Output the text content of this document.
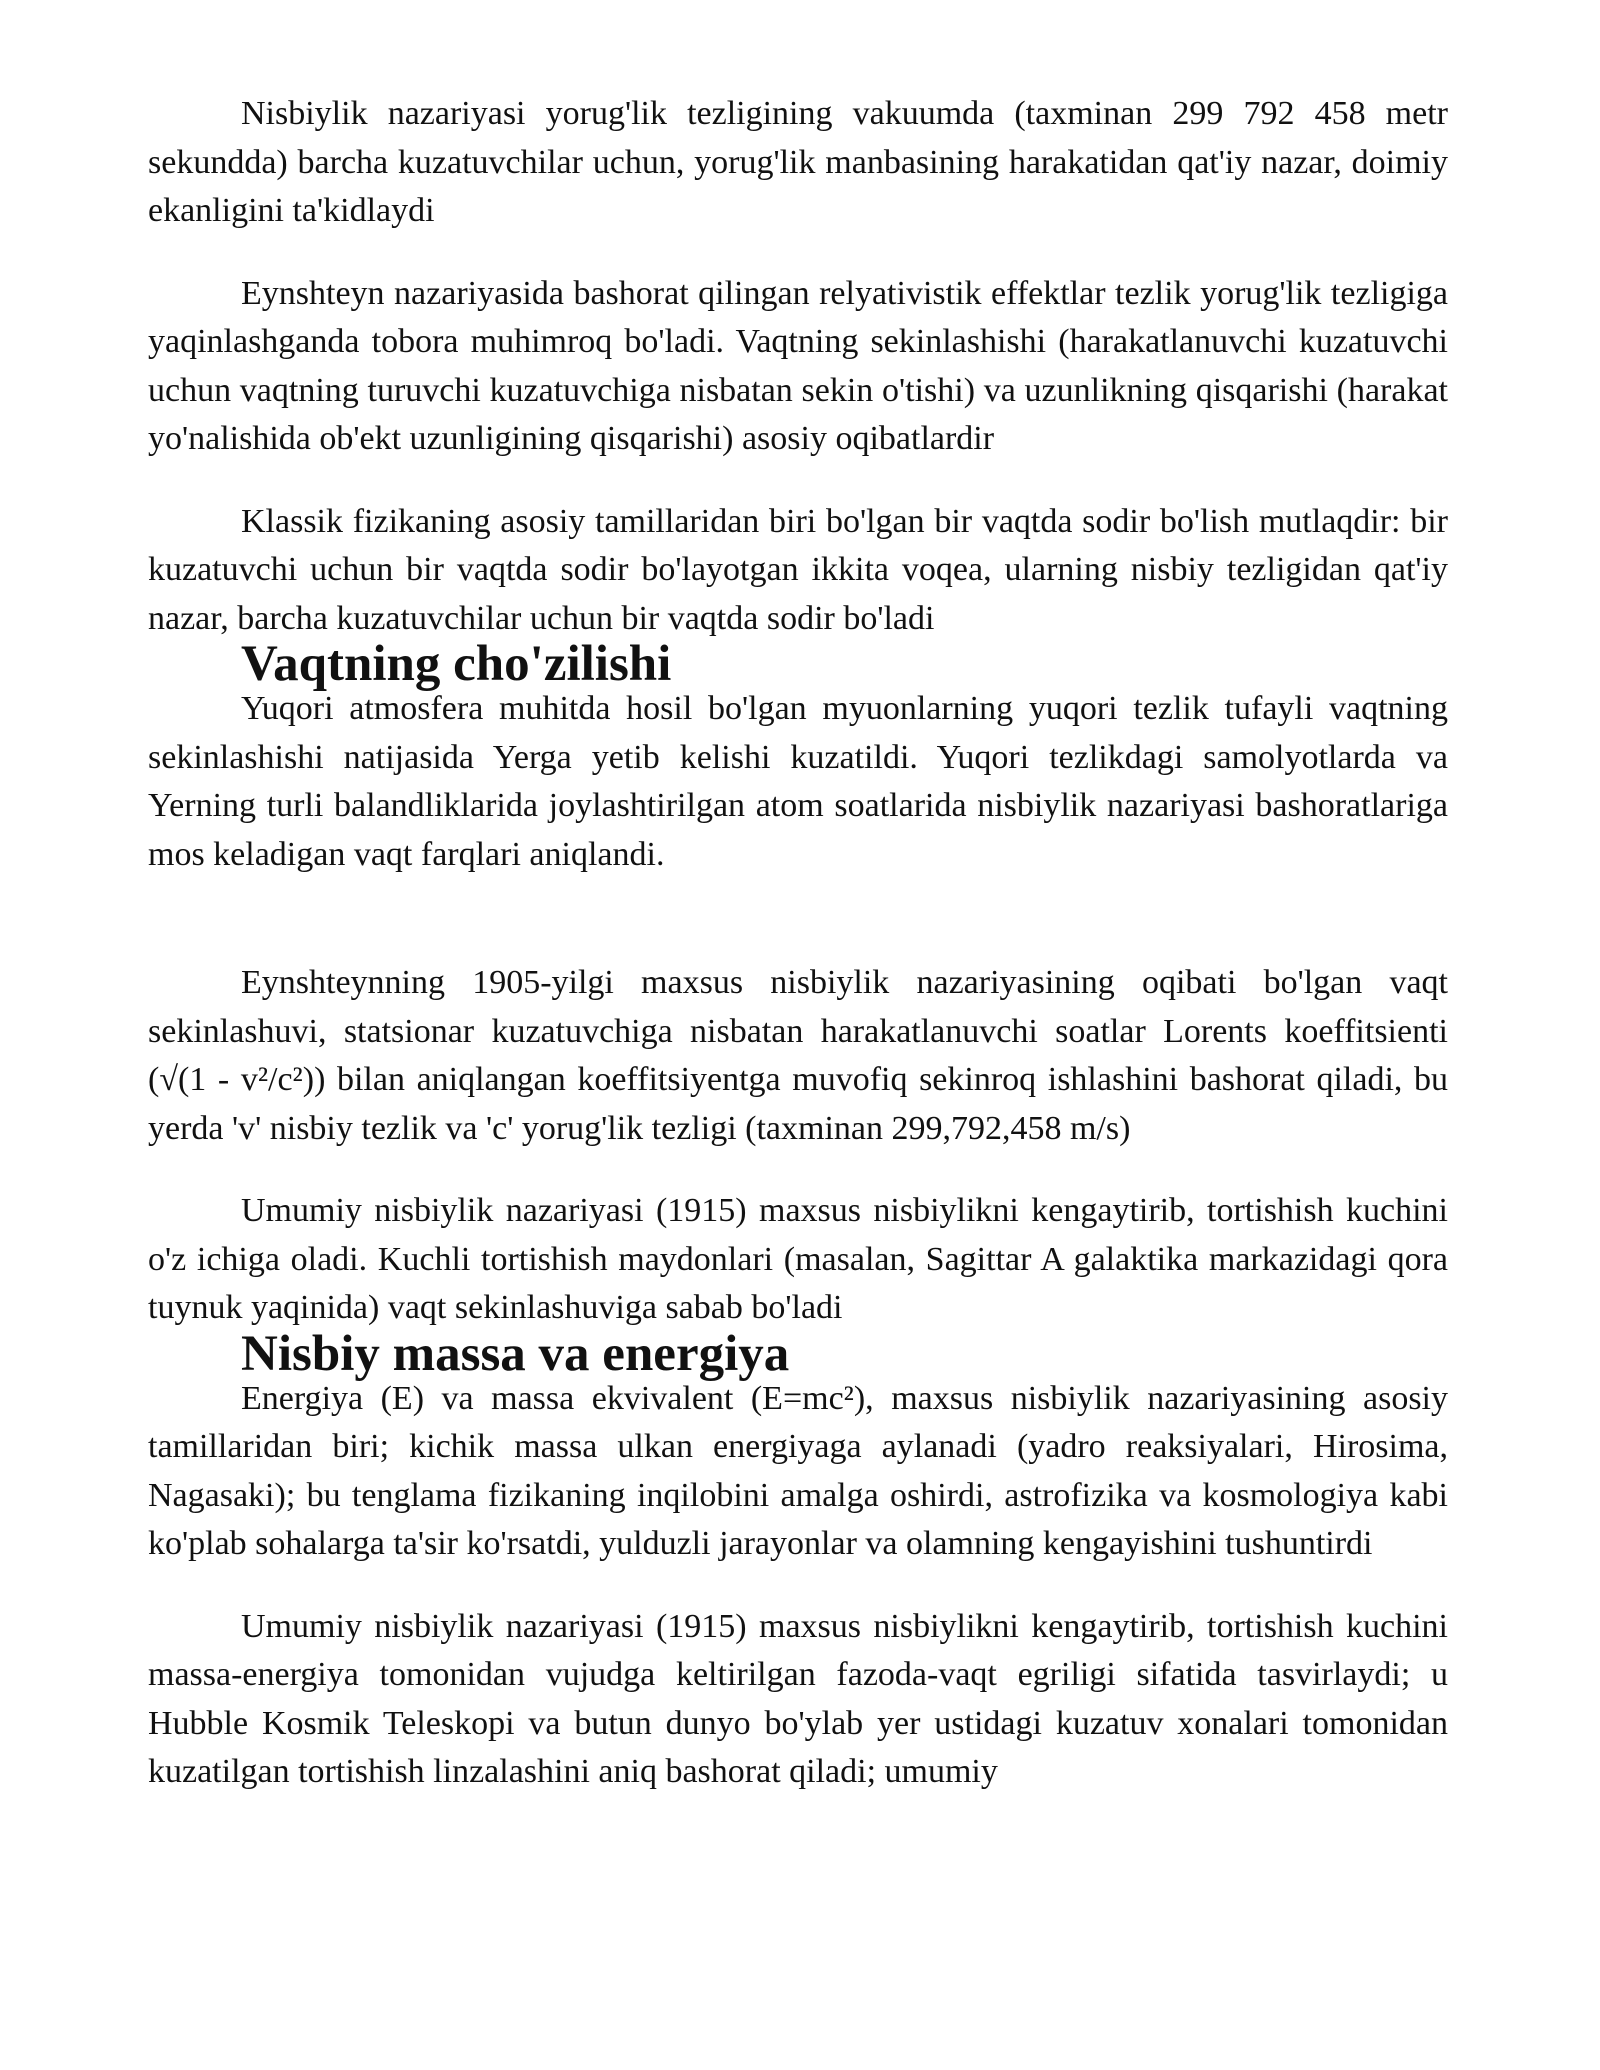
Nisbiylik nazariyasi yorug'lik tezligining vakuumda (taxminan 299 792 458 metr sekundda) barcha kuzatuvchilar uchun, yorug'lik manbasining harakatidan qat'iy nazar, doimiy ekanligini ta'kidlaydi

Eynshteyn nazariyasida bashorat qilingan relyativistik effektlar tezlik yorug'lik tezligiga yaqinlashganda tobora muhimroq bo'ladi. Vaqtning sekinlashishi (harakatlanuvchi kuzatuvchi uchun vaqtning turuvchi kuzatuvchiga nisbatan sekin o'tishi) va uzunlikning qisqarishi (harakat yo'nalishida ob'ekt uzunligining qisqarishi) asosiy oqibatlardir

Klassik fizikaning asosiy tamillaridan biri bo'lgan bir vaqtda sodir bo'lish mutlaqdir: bir kuzatuvchi uchun bir vaqtda sodir bo'layotgan ikkita voqea, ularning nisbiy tezligidan qat'iy nazar, barcha kuzatuvchilar uchun bir vaqtda sodir bo'ladi

Vaqtning cho'zilishi

Yuqori atmosfera muhitda hosil bo'lgan myuonlarning yuqori tezlik tufayli vaqtning sekinlashishi natijasida Yerga yetib kelishi kuzatildi. Yuqori tezlikdagi samolyotlarda va Yerning turli balandliklarida joylashtirilgan atom soatlarida nisbiylik nazariyasi bashoratlariga mos keladigan vaqt farqlari aniqlandi.

Eynshteynning 1905-yilgi maxsus nisbiylik nazariyasining oqibati bo'lgan vaqt sekinlashuvi, statsionar kuzatuvchiga nisbatan harakatlanuvchi soatlar Lorents koeffitsienti (√(1 - v²/c²)) bilan aniqlangan koeffitsiyentga muvofiq sekinroq ishlashini bashorat qiladi, bu yerda 'v' nisbiy tezlik va 'c' yorug'lik tezligi (taxminan 299,792,458 m/s)

Umumiy nisbiylik nazariyasi (1915) maxsus nisbiylikni kengaytirib, tortishish kuchini o'z ichiga oladi. Kuchli tortishish maydonlari (masalan, Sagittar A galaktika markazidagi qora tuynuk yaqinida) vaqt sekinlashuviga sabab bo'ladi

Nisbiy massa va energiya

Energiya (E) va massa ekvivalent (E=mc²), maxsus nisbiylik nazariyasining asosiy tamillaridan biri; kichik massa ulkan energiyaga aylanadi (yadro reaksiyalari, Hirosima, Nagasaki); bu tenglama fizikaning inqilobini amalga oshirdi, astrofizika va kosmologiya kabi ko'plab sohalarga ta'sir ko'rsatdi, yulduzli jarayonlar va olamning kengayishini tushuntirdi

Umumiy nisbiylik nazariyasi (1915) maxsus nisbiylikni kengaytirib, tortishish kuchini massa-energiya tomonidan vujudga keltirilgan fazoda-vaqt egriligi sifatida tasvirlaydi; u Hubble Kosmik Teleskopi va butun dunyo bo'ylab yer ustidagi kuzatuv xonalari tomonidan kuzatilgan tortishish linzalashini aniq bashorat qiladi; umumiy
